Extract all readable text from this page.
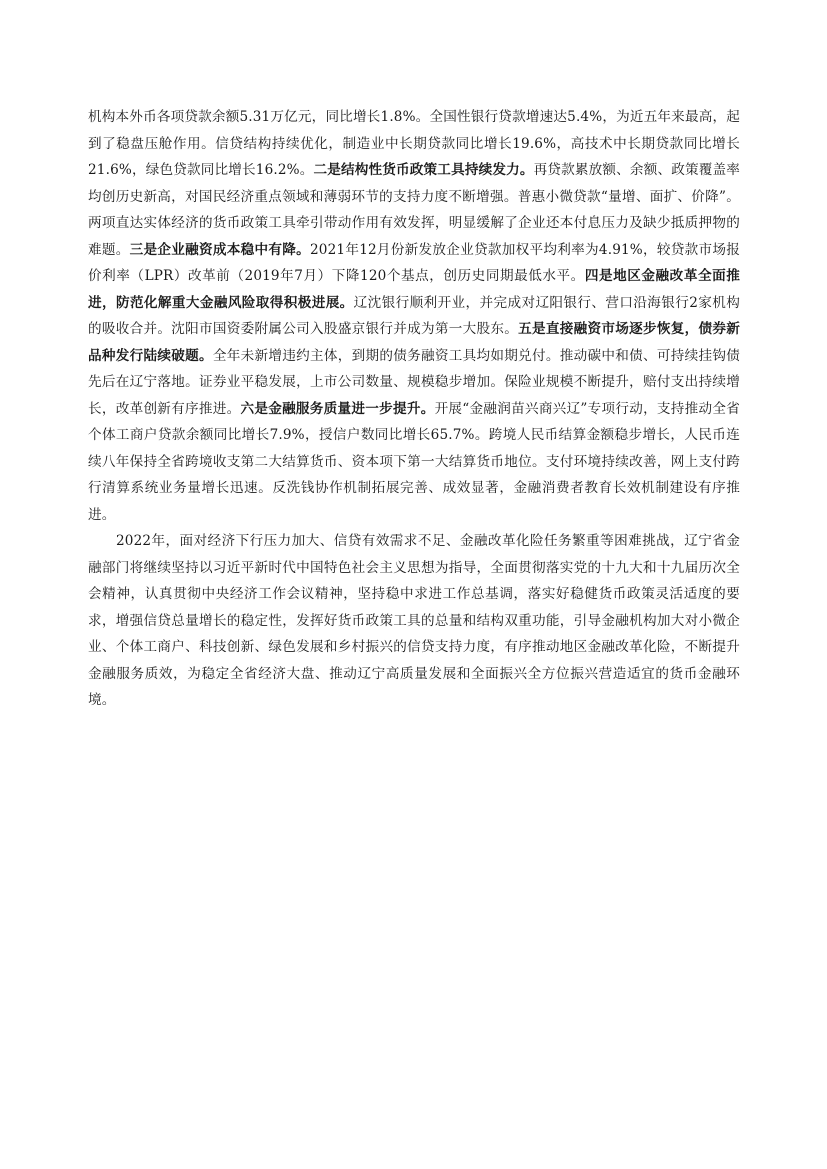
机构本外币各项贷款余额5.31万亿元，同比增长1.8%。全国性银行贷款增速达5.4%，为近五年来最高，起到了稳盘压舱作用。信贷结构持续优化，制造业中长期贷款同比增长19.6%，高技术中长期贷款同比增长21.6%，绿色贷款同比增长16.2%。二是结构性货币政策工具持续发力。再贷款累放额、余额、政策覆盖率均创历史新高，对国民经济重点领域和薄弱环节的支持力度不断增强。普惠小微贷款“量增、面扩、价降”。两项直达实体经济的货币政策工具牵引带动作用有效发挥，明显缓解了企业还本付息压力及缺少抵质押物的难题。三是企业融资成本稳中有降。2021年12月份新发放企业贷款加权平均利率为4.91%，较贷款市场报价利率（LPR）改革前（2019年7月）下降120个基点，创历史同期最低水平。四是地区金融改革全面推进，防范化解重大金融风险取得积极进展。辽沈银行顺利开业，并完成对辽阳银行、营口沿海银行2家机构的吸收合并。沈阳市国资委附属公司入股盛京银行并成为第一大股东。五是直接融资市场逐步恢复，债券新品种发行陆续破题。全年未新增违约主体，到期的债务融资工具均如期兑付。推动碳中和债、可持续挂钩债先后在辽宁落地。证券业平稳发展，上市公司数量、规模稳步增加。保险业规模不断提升，赔付支出持续增长，改革创新有序推进。六是金融服务质量进一步提升。开展“金融润苗兴商兴辽”专项行动，支持推动全省个体工商户贷款余额同比增长7.9%，授信户数同比增长65.7%。跨境人民币结算金额稳步增长，人民币连续八年保持全省跨境收支第二大结算货币、资本项下第一大结算货币地位。支付环境持续改善，网上支付跨行清算系统业务量增长迅速。反洗钱协作机制拓展完善、成效显著，金融消费者教育长效机制建设有序推进。

2022年，面对经济下行压力加大、信贷有效需求不足、金融改革化险任务繁重等困难挑战，辽宁省金融部门将继续坚持以习近平新时代中国特色社会主义思想为指导，全面贯彻落实党的十九大和十九届历次全会精神，认真贯彻中央经济工作会议精神，坚持稳中求进工作总基调，落实好稳健货币政策灵活适度的要求，增强信贷总量增长的稳定性，发挥好货币政策工具的总量和结构双重功能，引导金融机构加大对小微企业、个体工商户、科技创新、绿色发展和乡村振兴的信贷支持力度，有序推动地区金融改革化险，不断提升金融服务质效，为稳定全省经济大盘、推动辽宁高质量发展和全面振兴全方位振兴营造适宜的货币金融环境。
